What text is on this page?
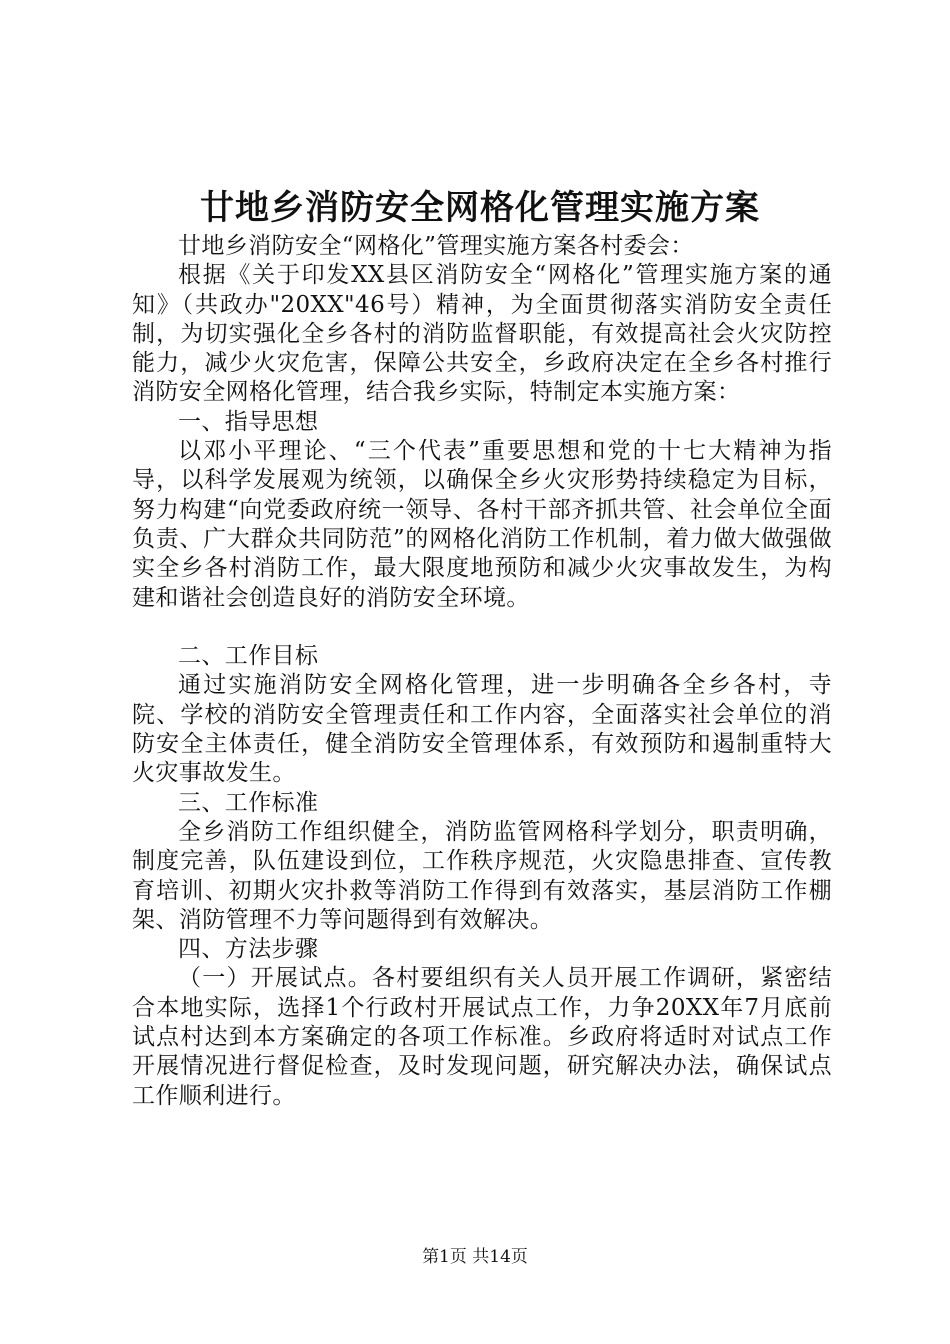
廿地乡消防安全网格化管理实施方案

廿地乡消防安全“网格化”管理实施方案各村委会：

根据《关于印发XX县区消防安全“网格化”管理实施方案的通知》（共政办"20XX"46号）精神，为全面贯彻落实消防安全责任制，为切实强化全乡各村的消防监督职能，有效提高社会火灾防控能力，减少火灾危害，保障公共安全，乡政府决定在全乡各村推行消防安全网格化管理，结合我乡实际，特制定本实施方案：

一、指导思想

以邓小平理论、“三个代表”重要思想和党的十七大精神为指导，以科学发展观为统领，以确保全乡火灾形势持续稳定为目标，努力构建“向党委政府统一领导、各村干部齐抓共管、社会单位全面负责、广大群众共同防范”的网格化消防工作机制，着力做大做强做实全乡各村消防工作，最大限度地预防和减少火灾事故发生，为构建和谐社会创造良好的消防安全环境。

二、工作目标

通过实施消防安全网格化管理，进一步明确各全乡各村，寺院、学校的消防安全管理责任和工作内容，全面落实社会单位的消防安全主体责任，健全消防安全管理体系，有效预防和遏制重特大火灾事故发生。

三、工作标准

全乡消防工作组织健全，消防监管网格科学划分，职责明确，制度完善，队伍建设到位，工作秩序规范，火灾隐患排查、宣传教育培训、初期火灾扑救等消防工作得到有效落实，基层消防工作棚架、消防管理不力等问题得到有效解决。

四、方法步骤

（一）开展试点。各村要组织有关人员开展工作调研，紧密结合本地实际，选择1个行政村开展试点工作，力争20XX年7月底前试点村达到本方案确定的各项工作标准。乡政府将适时对试点工作开展情况进行督促检查，及时发现问题，研究解决办法，确保试点工作顺利进行。

第1页 共14页
